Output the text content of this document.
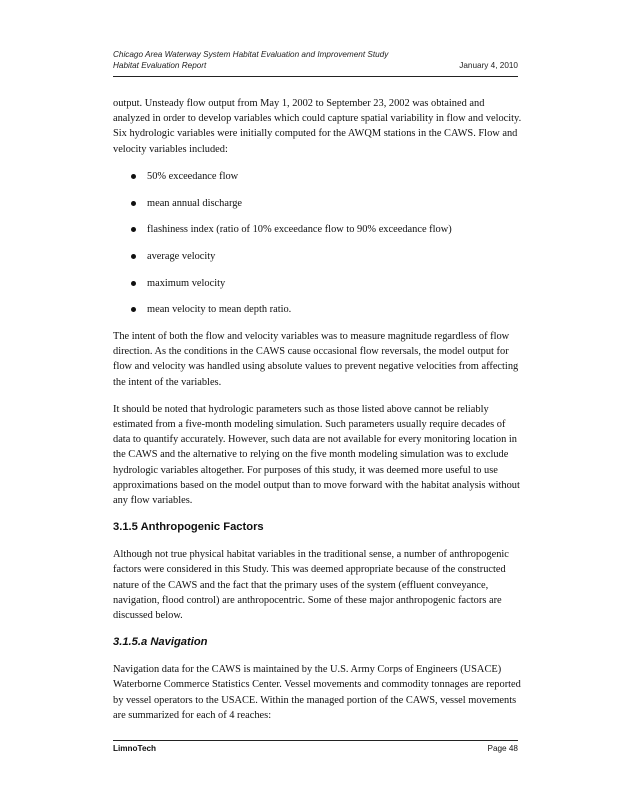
Chicago Area Waterway System Habitat Evaluation and Improvement Study
Habitat Evaluation Report	January 4, 2010

output. Unsteady flow output from May 1, 2002 to September 23, 2002 was obtained and analyzed in order to develop variables which could capture spatial variability in flow and velocity. Six hydrologic variables were initially computed for the AWQM stations in the CAWS. Flow and velocity variables included:

50% exceedance flow
mean annual discharge
flashiness index (ratio of 10% exceedance flow to 90% exceedance flow)
average velocity
maximum velocity
mean velocity to mean depth ratio.

The intent of both the flow and velocity variables was to measure magnitude regardless of flow direction. As the conditions in the CAWS cause occasional flow reversals, the model output for flow and velocity was handled using absolute values to prevent negative velocities from affecting the intent of the variables.

It should be noted that hydrologic parameters such as those listed above cannot be reliably estimated from a five-month modeling simulation. Such parameters usually require decades of data to quantify accurately. However, such data are not available for every monitoring location in the CAWS and the alternative to relying on the five month modeling simulation was to exclude hydrologic variables altogether. For purposes of this study, it was deemed more useful to use approximations based on the model output than to move forward with the habitat analysis without any flow variables.

3.1.5 Anthropogenic Factors

Although not true physical habitat variables in the traditional sense, a number of anthropogenic factors were considered in this Study. This was deemed appropriate because of the constructed nature of the CAWS and the fact that the primary uses of the system (effluent conveyance, navigation, flood control) are anthropocentric. Some of these major anthropogenic factors are discussed below.

3.1.5.a Navigation

Navigation data for the CAWS is maintained by the U.S. Army Corps of Engineers (USACE) Waterborne Commerce Statistics Center. Vessel movements and commodity tonnages are reported by vessel operators to the USACE. Within the managed portion of the CAWS, vessel movements are summarized for each of 4 reaches:

LimnoTech	Page 48
